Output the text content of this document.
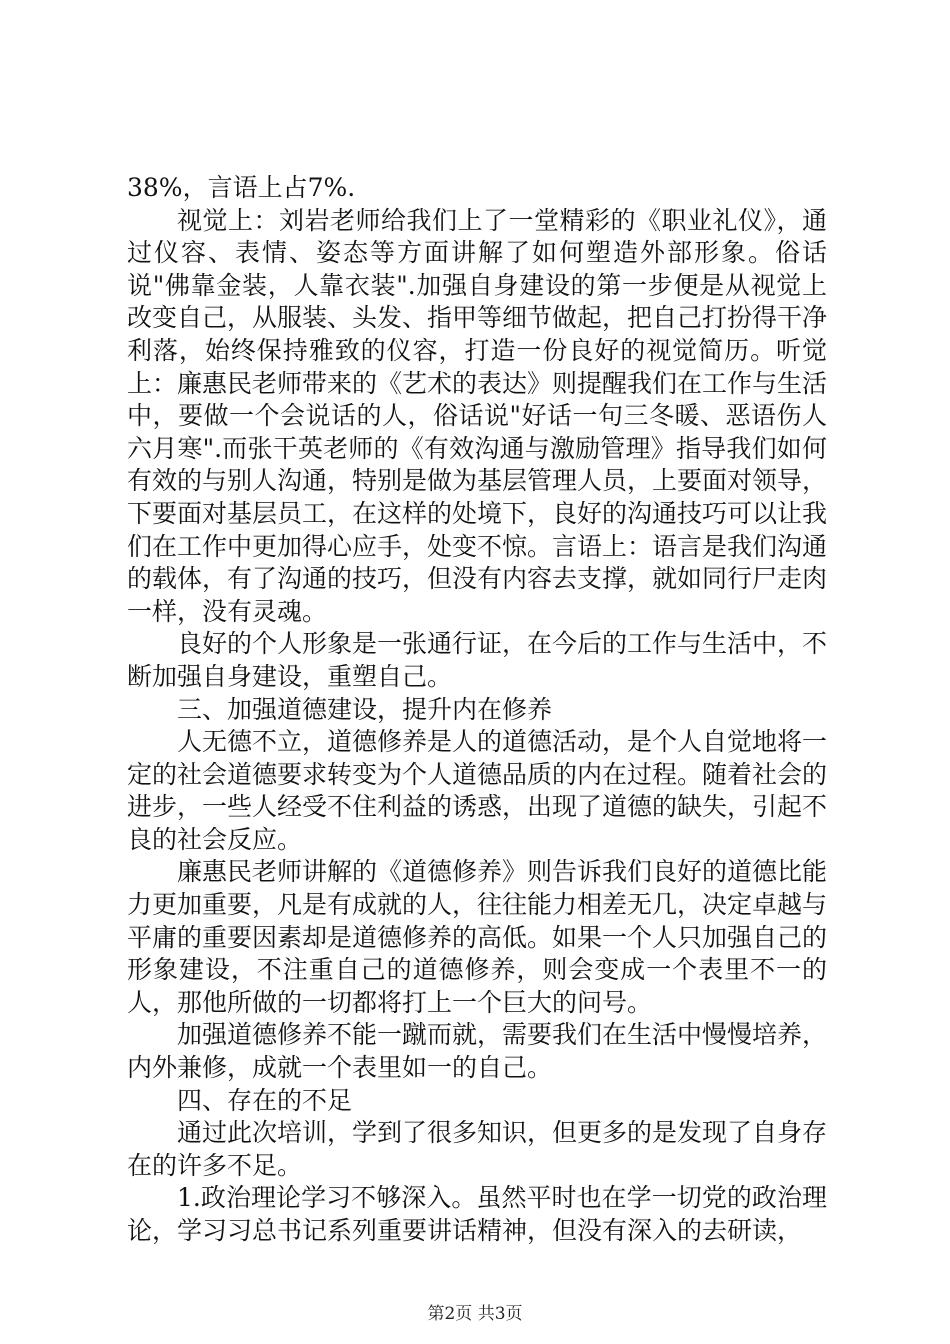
38%，言语上占7%.

视觉上：刘岩老师给我们上了一堂精彩的《职业礼仪》，通过仪容、表情、姿态等方面讲解了如何塑造外部形象。俗话说"佛靠金装，人靠衣装".加强自身建设的第一步便是从视觉上改变自己，从服装、头发、指甲等细节做起，把自己打扮得干净利落，始终保持雅致的仪容，打造一份良好的视觉简历。听觉上：廉惠民老师带来的《艺术的表达》则提醒我们在工作与生活中，要做一个会说话的人，俗话说"好话一句三冬暖、恶语伤人六月寒".而张干英老师的《有效沟通与激励管理》指导我们如何有效的与别人沟通，特别是做为基层管理人员，上要面对领导，下要面对基层员工，在这样的处境下，良好的沟通技巧可以让我们在工作中更加得心应手，处变不惊。言语上：语言是我们沟通的载体，有了沟通的技巧，但没有内容去支撑，就如同行尸走肉一样，没有灵魂。

良好的个人形象是一张通行证，在今后的工作与生活中，不断加强自身建设，重塑自己。

三、加强道德建设，提升内在修养

人无德不立，道德修养是人的道德活动，是个人自觉地将一定的社会道德要求转变为个人道德品质的内在过程。随着社会的进步，一些人经受不住利益的诱惑，出现了道德的缺失，引起不良的社会反应。

廉惠民老师讲解的《道德修养》则告诉我们良好的道德比能力更加重要，凡是有成就的人，往往能力相差无几，决定卓越与平庸的重要因素却是道德修养的高低。如果一个人只加强自己的形象建设，不注重自己的道德修养，则会变成一个表里不一的人，那他所做的一切都将打上一个巨大的问号。

加强道德修养不能一蹴而就，需要我们在生活中慢慢培养，内外兼修，成就一个表里如一的自己。

四、存在的不足

通过此次培训，学到了很多知识，但更多的是发现了自身存在的许多不足。

1.政治理论学习不够深入。虽然平时也在学一切党的政治理论，学习习总书记系列重要讲话精神，但没有深入的去研读，

第2页 共3页
